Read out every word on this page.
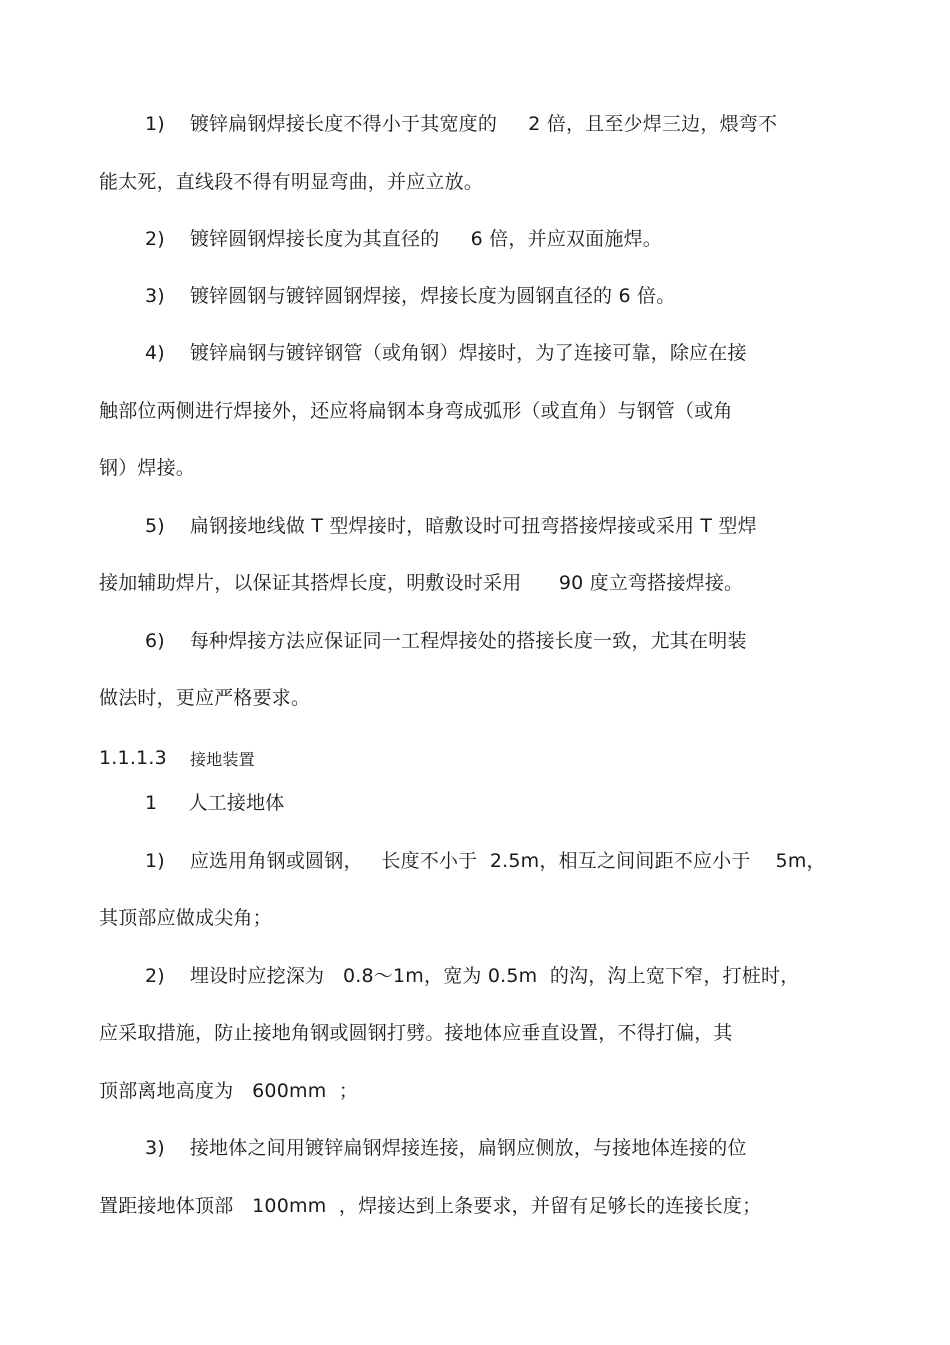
1)    镀锌扁钢焊接长度不得小于其宽度的     2 倍，且至少焊三边，煨弯不
能太死，直线段不得有明显弯曲，并应立放。
2)    镀锌圆钢焊接长度为其直径的     6 倍，并应双面施焊。
3)    镀锌圆钢与镀锌圆钢焊接，焊接长度为圆钢直径的 6 倍。
4)    镀锌扁钢与镀锌钢管（或角钢）焊接时，为了连接可靠，除应在接
触部位两侧进行焊接外，还应将扁钢本身弯成弧形（或直角）与钢管（或角
钢）焊接。
5)    扁钢接地线做 T 型焊接时，暗敷设时可扭弯搭接焊接或采用 T 型焊
接加辅助焊片，以保证其搭焊长度，明敷设时采用      90 度立弯搭接焊接。
6)    每种焊接方法应保证同一工程焊接处的搭接长度一致，尤其在明装
做法时，更应严格要求。
1.1.1.3 接地装置
1     人工接地体
1)    应选用角钢或圆钢，   长度不小于  2.5m，相互之间间距不应小于    5m，
其顶部应做成尖角；
2)    埋设时应挖深为   0.8～1m，宽为 0.5m  的沟，沟上宽下窄，打桩时，
应采取措施，防止接地角钢或圆钢打劈。接地体应垂直设置，不得打偏，其
顶部离地高度为   600mm  ；
3)    接地体之间用镀锌扁钢焊接连接，扁钢应侧放，与接地体连接的位
置距接地体顶部   100mm  ，焊接达到上条要求，并留有足够长的连接长度；
